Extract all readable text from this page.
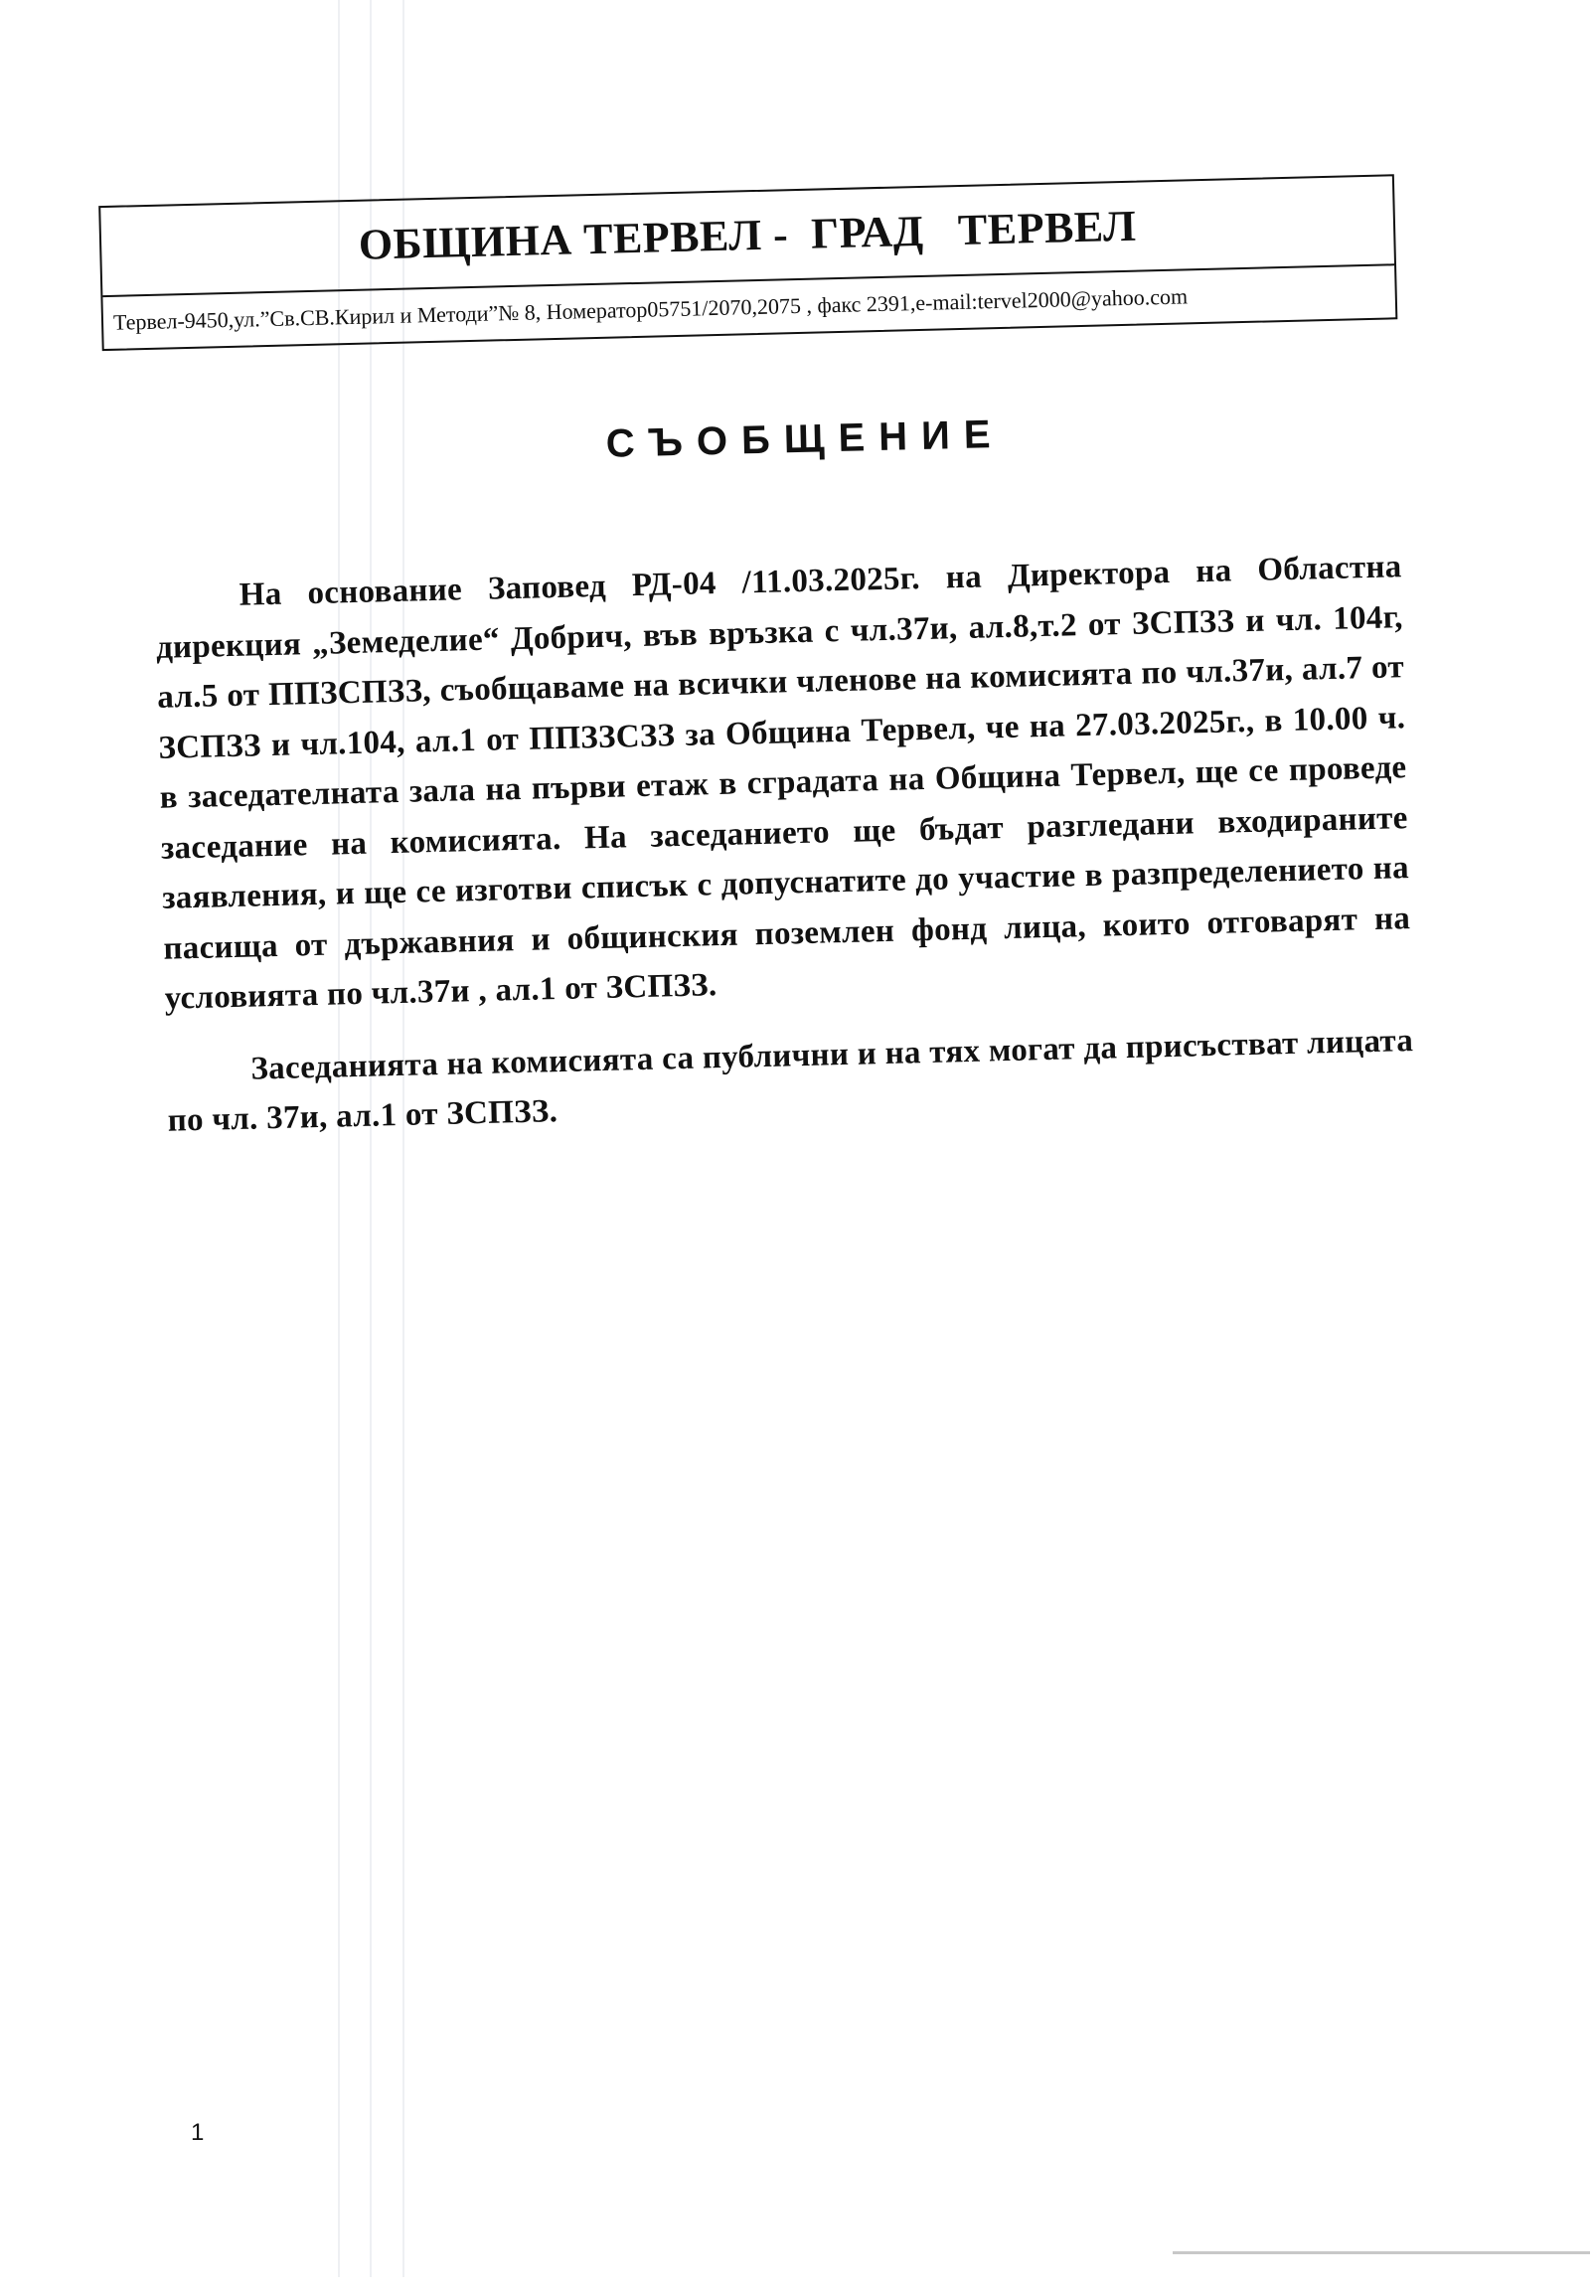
ОБЩИНА ТЕРВЕЛ -  ГРАД   ТЕРВЕЛ
Тервел-9450,ул.”Св.СВ.Кирил и Методи”№ 8, Номератор05751/2070,2075 , факс 2391,e-mail:tervel2000@yahoo.com
СЪОБЩЕНИЕ

На основание Заповед РД-04 /11.03.2025г. на Директора на Областна дирекция „Земеделие“ Добрич, във връзка с чл.37и, ал.8,т.2 от ЗСПЗЗ и чл. 104г, ал.5 от ППЗСПЗЗ, съобщаваме на всички членове на комисията по чл.37и, ал.7 от ЗСПЗЗ и чл.104, ал.1 от ППЗЗСЗЗ за Община Тервел, че на 27.03.2025г., в 10.00 ч. в заседателната зала на първи етаж в сградата на Община Тервел, ще се проведе заседание на комисията. На заседанието ще бъдат разгледани входираните заявления, и ще се изготви списък с допуснатите до участие в разпределението на пасища от държавния и общинския поземлен фонд лица, които отговарят на условията по чл.37и , ал.1 от ЗСПЗЗ.

Заседанията на комисията са публични и на тях могат да присъстват лицата по чл. 37и, ал.1 от ЗСПЗЗ.

1
